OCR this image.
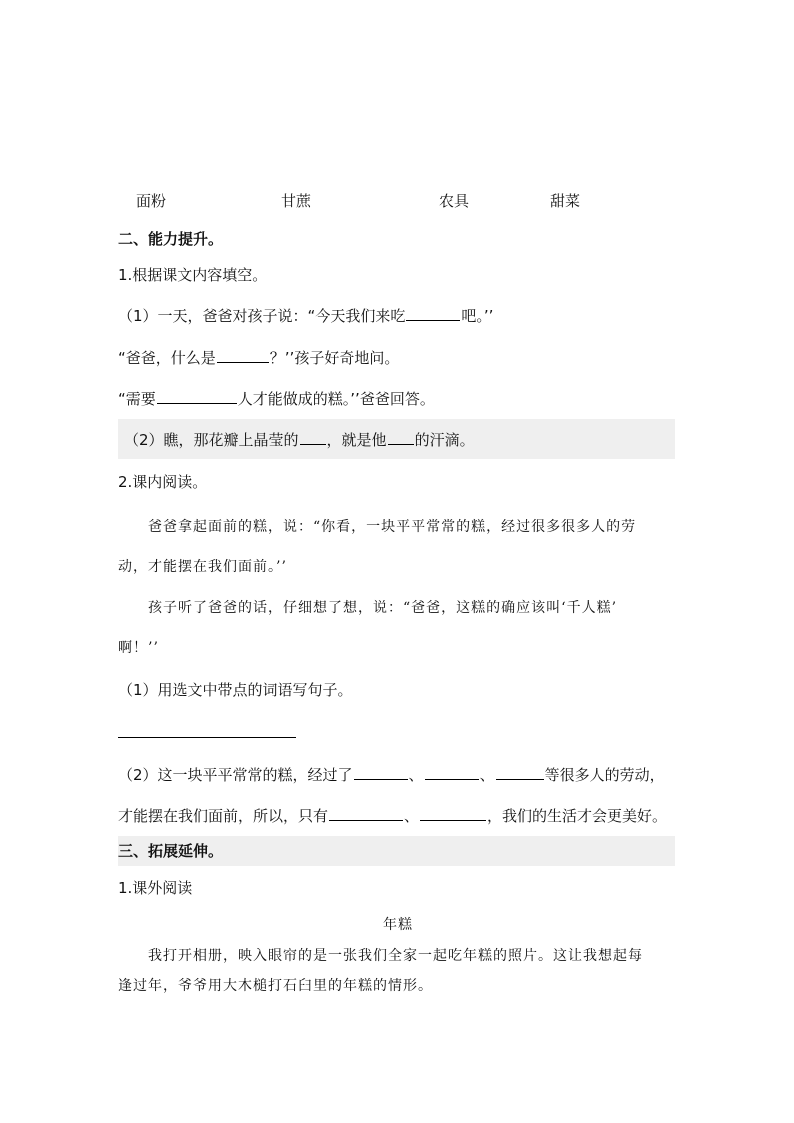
面粉	甘蔗	农具	甜菜
二、能力提升。
1.根据课文内容填空。
（1）一天，爸爸对孩子说：“今天我们来吃	吧。’’
“爸爸，什么是	？’’孩子好奇地问。
“需要	人才能做成的糕。’’爸爸回答。
（2）瞧，那花瓣上晶莹的 ，就是他 的汗滴。
2.课内阅读。
爸爸拿起面前的糕，说：“你看，一块平平常常的糕，经过很多很多人的劳
动，才能摆在我们面前。’’
孩子听了爸爸的话，仔细想了想，说：“爸爸，这糕的确应该叫‘千人糕’
啊！’’
（1）用选文中带点的词语写句子。
（2）这一块平平常常的糕，经过了	、	、	等很多人的劳动，
才能摆在我们面前，所以，只有	、	，我们的生活才会更美好。
三、拓展延伸。
1.课外阅读
年糕
我打开相册，映入眼帘的是一张我们全家一起吃年糕的照片。这让我想起每
逢过年，爷爷用大木槌打石臼里的年糕的情形。
